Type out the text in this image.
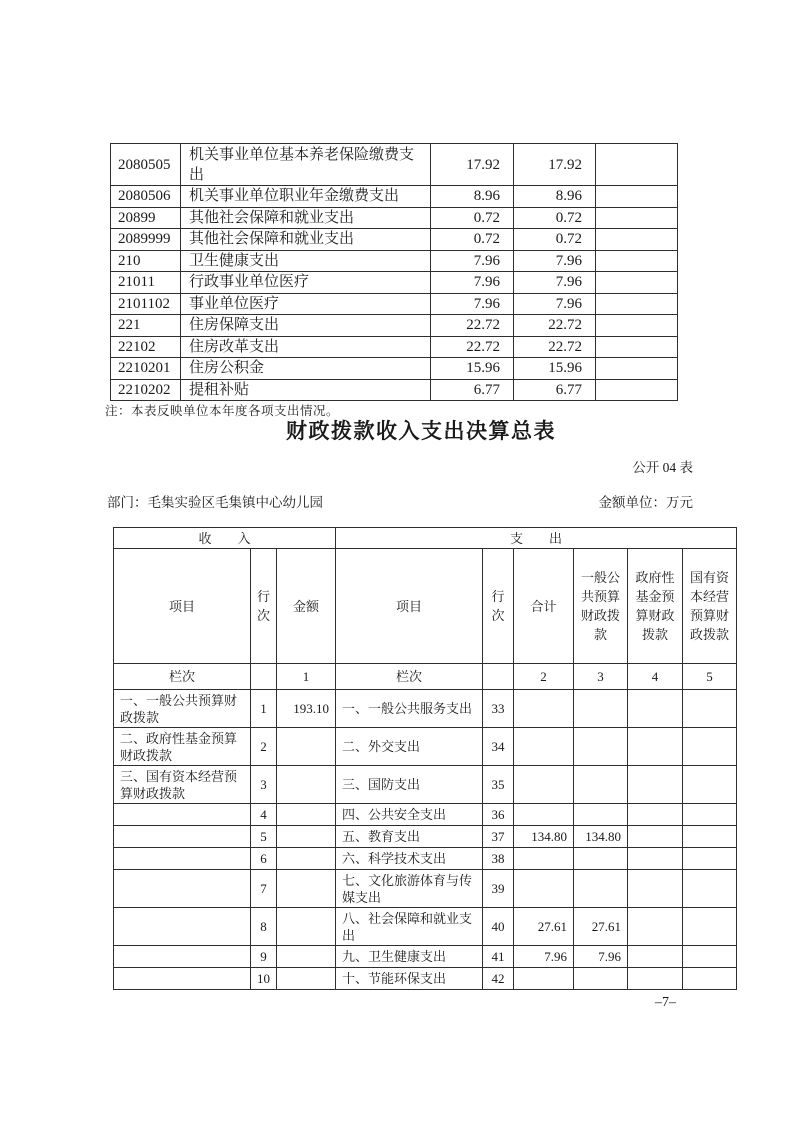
2080505	机关事业单位基本养老保险缴费支出	17.92	17.92	
2080506	机关事业单位职业年金缴费支出	8.96	8.96	
20899	其他社会保障和就业支出	0.72	0.72	
2089999	其他社会保障和就业支出	0.72	0.72	
210	卫生健康支出	7.96	7.96	
21011	行政事业单位医疗	7.96	7.96	
2101102	事业单位医疗	7.96	7.96	
221	住房保障支出	22.72	22.72	
22102	住房改革支出	22.72	22.72	
2210201	住房公积金	15.96	15.96	
2210202	提租补贴	6.77	6.77	
注：本表反映单位本年度各项支出情况。
财政拨款收入支出决算总表
公开 04 表
部门：毛集实验区毛集镇中心幼儿园	金额单位：万元
收　　入			支　　出					
项目	行次	金额	项目	行次	合计	一般公共预算财政拨款	政府性基金预算财政拨款	国有资本经营预算财政拨款
栏次		1	栏次		2	3	4	5
一、一般公共预算财政拨款	1	193.10	一、一般公共服务支出	33				
二、政府性基金预算财政拨款	2		二、外交支出	34				
三、国有资本经营预算财政拨款	3		三、国防支出	35				
	4		四、公共安全支出	36				
	5		五、教育支出	37	134.80	134.80		
	6		六、科学技术支出	38				
	7		七、文化旅游体育与传媒支出	39				
	8		八、社会保障和就业支出	40	27.61	27.61		
	9		九、卫生健康支出	41	7.96	7.96		
	10		十、节能环保支出	42				
–7–
